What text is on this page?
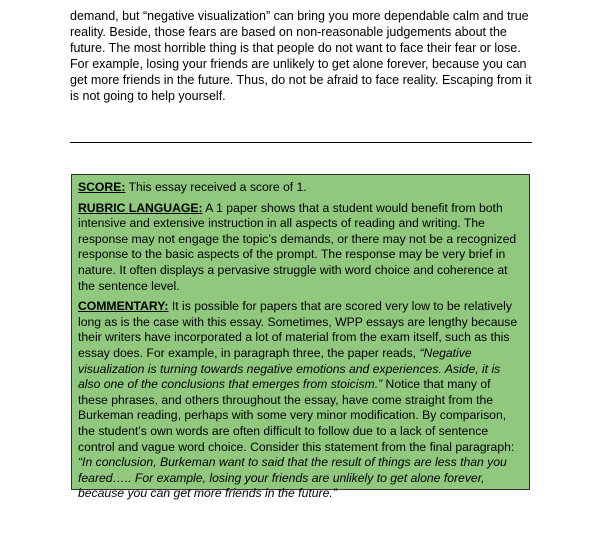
demand, but “negative visualization” can bring you more dependable calm and true reality. Beside, those fears are based on non-reasonable judgements about the future. The most horrible thing is that people do not want to face their fear or lose. For example, losing your friends are unlikely to get alone forever, because you can get more friends in the future. Thus, do not be afraid to face reality. Escaping from it is not going to help yourself.

SCORE: This essay received a score of 1.

RUBRIC LANGUAGE: A 1 paper shows that a student would benefit from both intensive and extensive instruction in all aspects of reading and writing. The response may not engage the topic’s demands, or there may not be a recognized response to the basic aspects of the prompt. The response may be very brief in nature. It often displays a pervasive struggle with word choice and coherence at the sentence level.

COMMENTARY: It is possible for papers that are scored very low to be relatively long as is the case with this essay. Sometimes, WPP essays are lengthy because their writers have incorporated a lot of material from the exam itself, such as this essay does. For example, in paragraph three, the paper reads, “Negative visualization is turning towards negative emotions and experiences. Aside, it is also one of the conclusions that emerges from stoicism.” Notice that many of these phrases, and others throughout the essay, have come straight from the Burkeman reading, perhaps with some very minor modification. By comparison, the student’s own words are often difficult to follow due to a lack of sentence control and vague word choice. Consider this statement from the final paragraph: “In conclusion, Burkeman want to said that the result of things are less than you feared….. For example, losing your friends are unlikely to get alone forever, because you can get more friends in the future.”
